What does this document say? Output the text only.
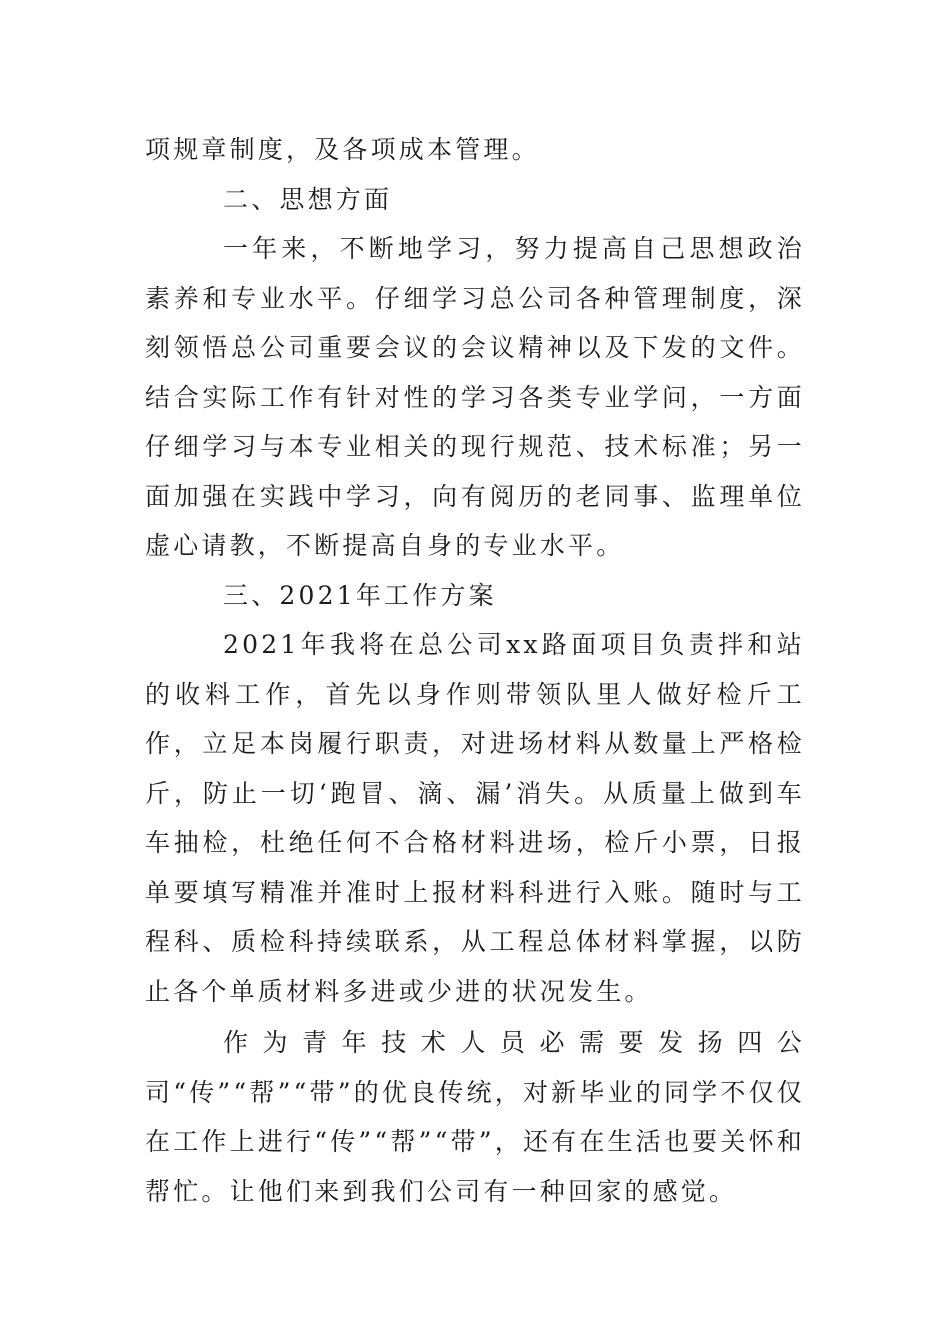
项规章制度，及各项成本管理。

二、思想方面

一年来，不断地学习，努力提高自己思想政治素养和专业水平。仔细学习总公司各种管理制度，深刻领悟总公司重要会议的会议精神以及下发的文件。结合实际工作有针对性的学习各类专业学问，一方面仔细学习与本专业相关的现行规范、技术标准；另一面加强在实践中学习，向有阅历的老同事、监理单位虚心请教，不断提高自身的专业水平。

三、2021年工作方案

2021年我将在总公司xx路面项目负责拌和站的收料工作，首先以身作则带领队里人做好检斤工作，立足本岗履行职责，对进场材料从数量上严格检斤，防止一切‘跑冒、滴、漏’消失。从质量上做到车车抽检，杜绝任何不合格材料进场，检斤小票，日报单要填写精准并准时上报材料科进行入账。随时与工程科、质检科持续联系，从工程总体材料掌握，以防止各个单质材料多进或少进的状况发生。

作为青年技术人员必需要发扬四公司“传”“帮”“带”的优良传统，对新毕业的同学不仅仅在工作上进行“传”“帮”“带”，还有在生活也要关怀和帮忙。让他们来到我们公司有一种回家的感觉。
